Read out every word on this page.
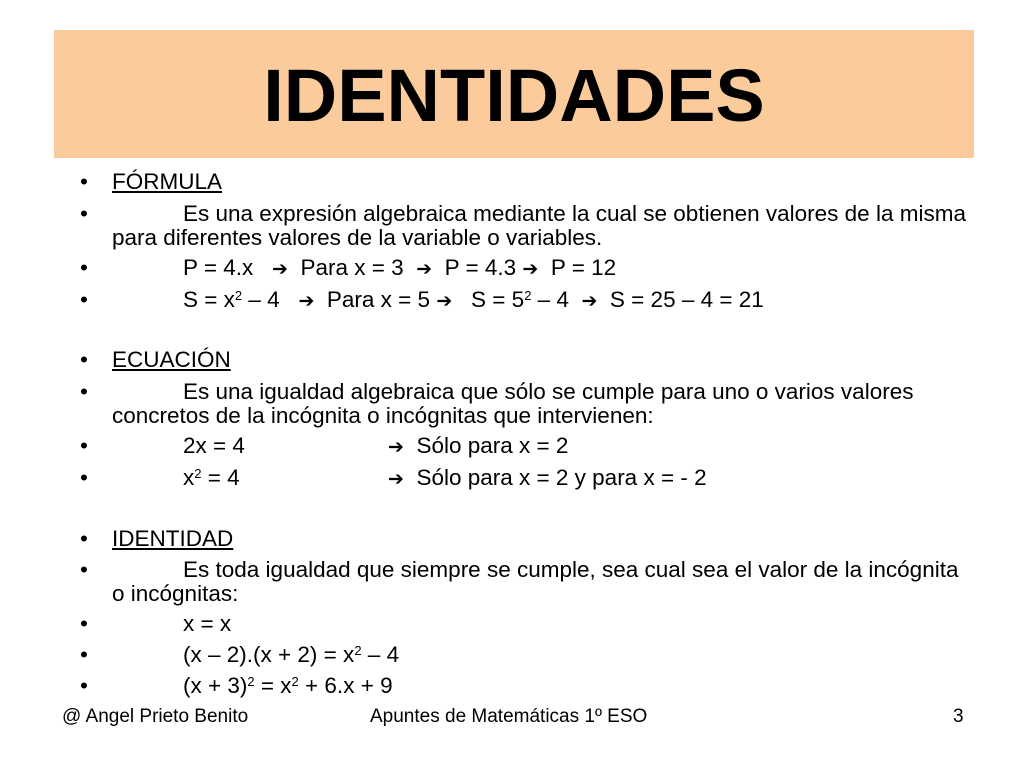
IDENTIDADES
• FÓRMULA
•	Es una expresión algebraica mediante la cual se obtienen valores de la misma para diferentes valores de la variable o variables.
•	P = 4.x ➔ Para x = 3 ➔ P = 4.3 ➔ P = 12
•	$S = x^2 - 4$ ➔ Para x = 5 ➔ $S = 5^2 - 4$ ➔ S = 25 – 4 = 21
• ECUACIÓN
•	Es una igualdad algebraica que sólo se cumple para uno o varios valores concretos de la incógnita o incógnitas que intervienen:
•	2x = 4	➔ Sólo para x = 2
•	$x^2 = 4$	➔ Sólo para x = 2 y para x = - 2
• IDENTIDAD
•	Es toda igualdad que siempre se cumple, sea cual sea el valor de la incógnita o incógnitas:
•	x = x
•	$(x - 2).(x + 2) = x^2 - 4$
•	$(x + 3)^2 = x^2 + 6.x + 9$
@ Angel Prieto Benito	Apuntes de Matemáticas 1º ESO	3
